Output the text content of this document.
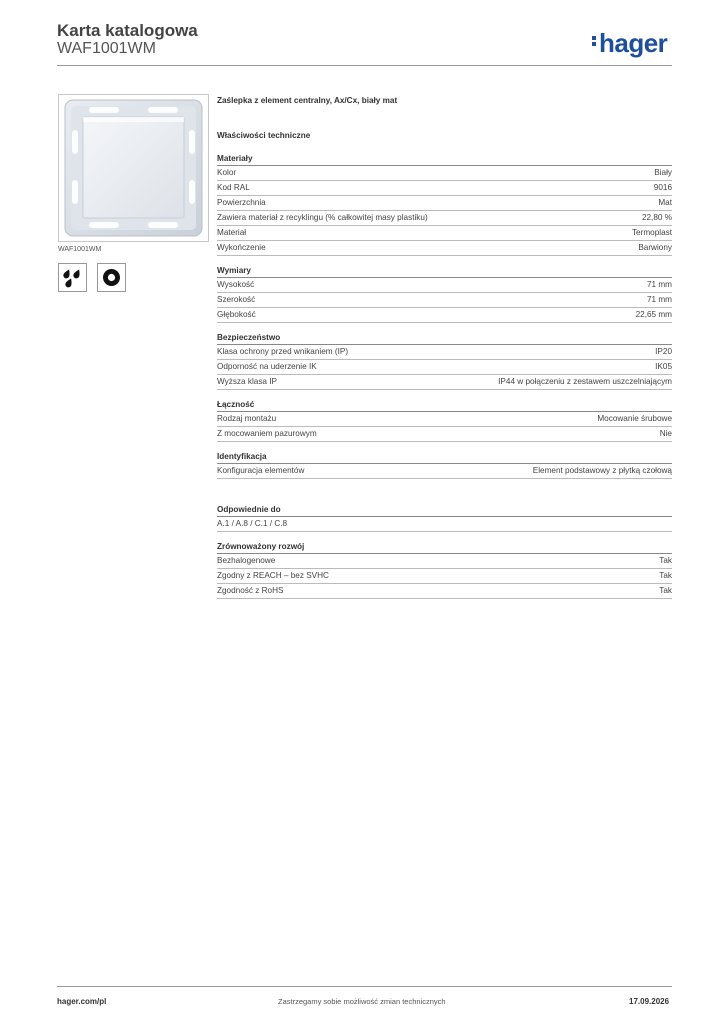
Karta katalogowa
WAF1001WM	hager
WAF1001WM
Zaślepka z element centralny, Ax/Cx, biały mat
Właściwości techniczne
Materiały
Kolor	Biały
Kod RAL	9016
Powierzchnia	Mat
Zawiera materiał z recyklingu (% całkowitej masy plastiku)	22,80 %
Materiał	Termoplast
Wykończenie	Barwiony
Wymiary
Wysokość	71 mm
Szerokość	71 mm
Głębokość	22,65 mm
Bezpieczeństwo
Klasa ochrony przed wnikaniem (IP)	IP20
Odporność na uderzenie IK	IK05
Wyższa klasa IP	IP44 w połączeniu z zestawem uszczelniającym
Łączność
Rodzaj montażu	Mocowanie śrubowe
Z mocowaniem pazurowym	Nie
Identyfikacja
Konfiguracja elementów	Element podstawowy z płytką czołową
Odpowiednie do
A.1 / A.8 / C.1 / C.8
Zrównoważony rozwój
Bezhalogenowe	Tak
Zgodny z REACH – bez SVHC	Tak
Zgodność z RoHS	Tak
hager.com/pl	Zastrzegamy sobie możliwość zmian technicznych	17.09.2026
